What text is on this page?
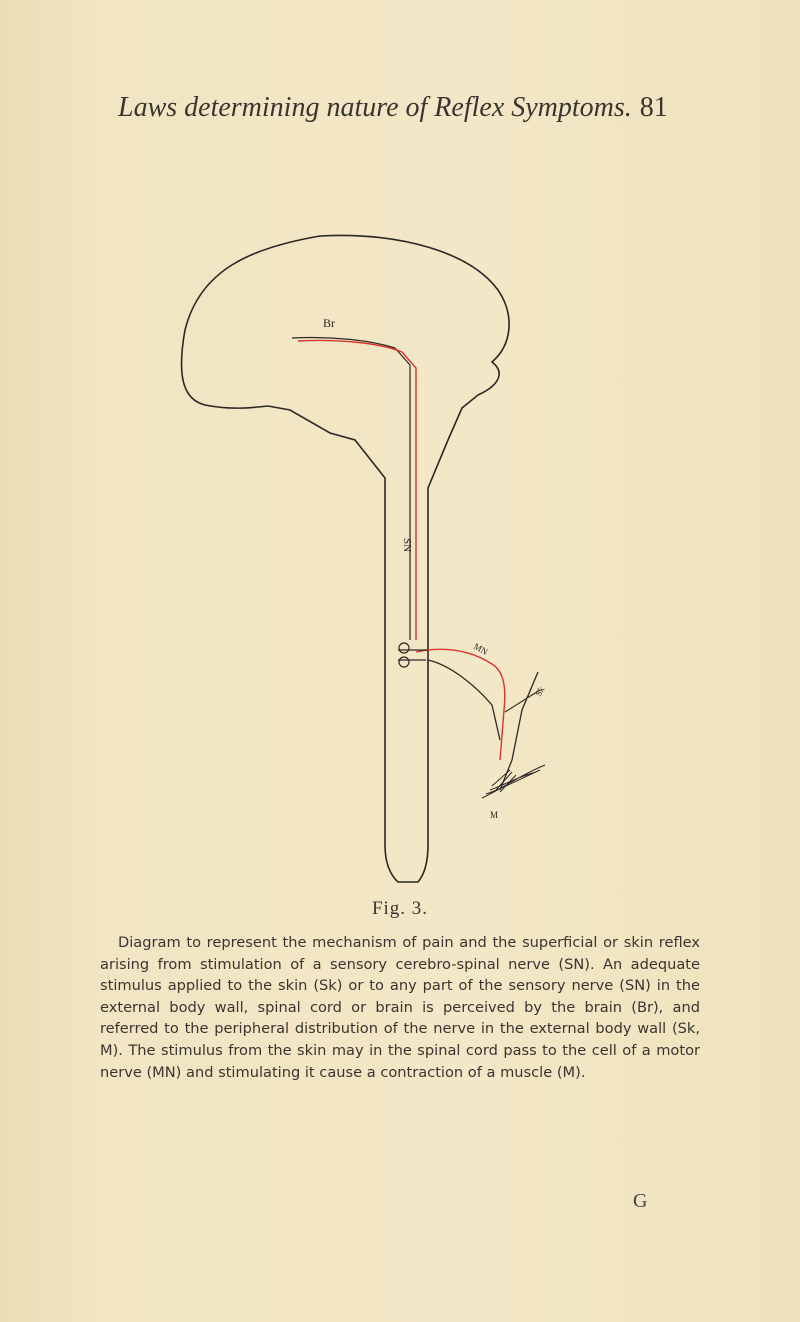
Laws determining nature of Reflex Symptoms. 81
Br
SN
MN
Sk
M
Fig. 3.
Diagram to represent the mechanism of pain and the superficial or skin reflex arising from stimulation of a sensory cerebro-spinal nerve (SN). An adequate stimulus applied to the skin (Sk) or to any part of the sensory nerve (SN) in the external body wall, spinal cord or brain is perceived by the brain (Br), and referred to the peripheral distribution of the nerve in the external body wall (Sk, M). The stimulus from the skin may in the spinal cord pass to the cell of a motor nerve (MN) and stimulating it cause a contraction of a muscle (M).
G
